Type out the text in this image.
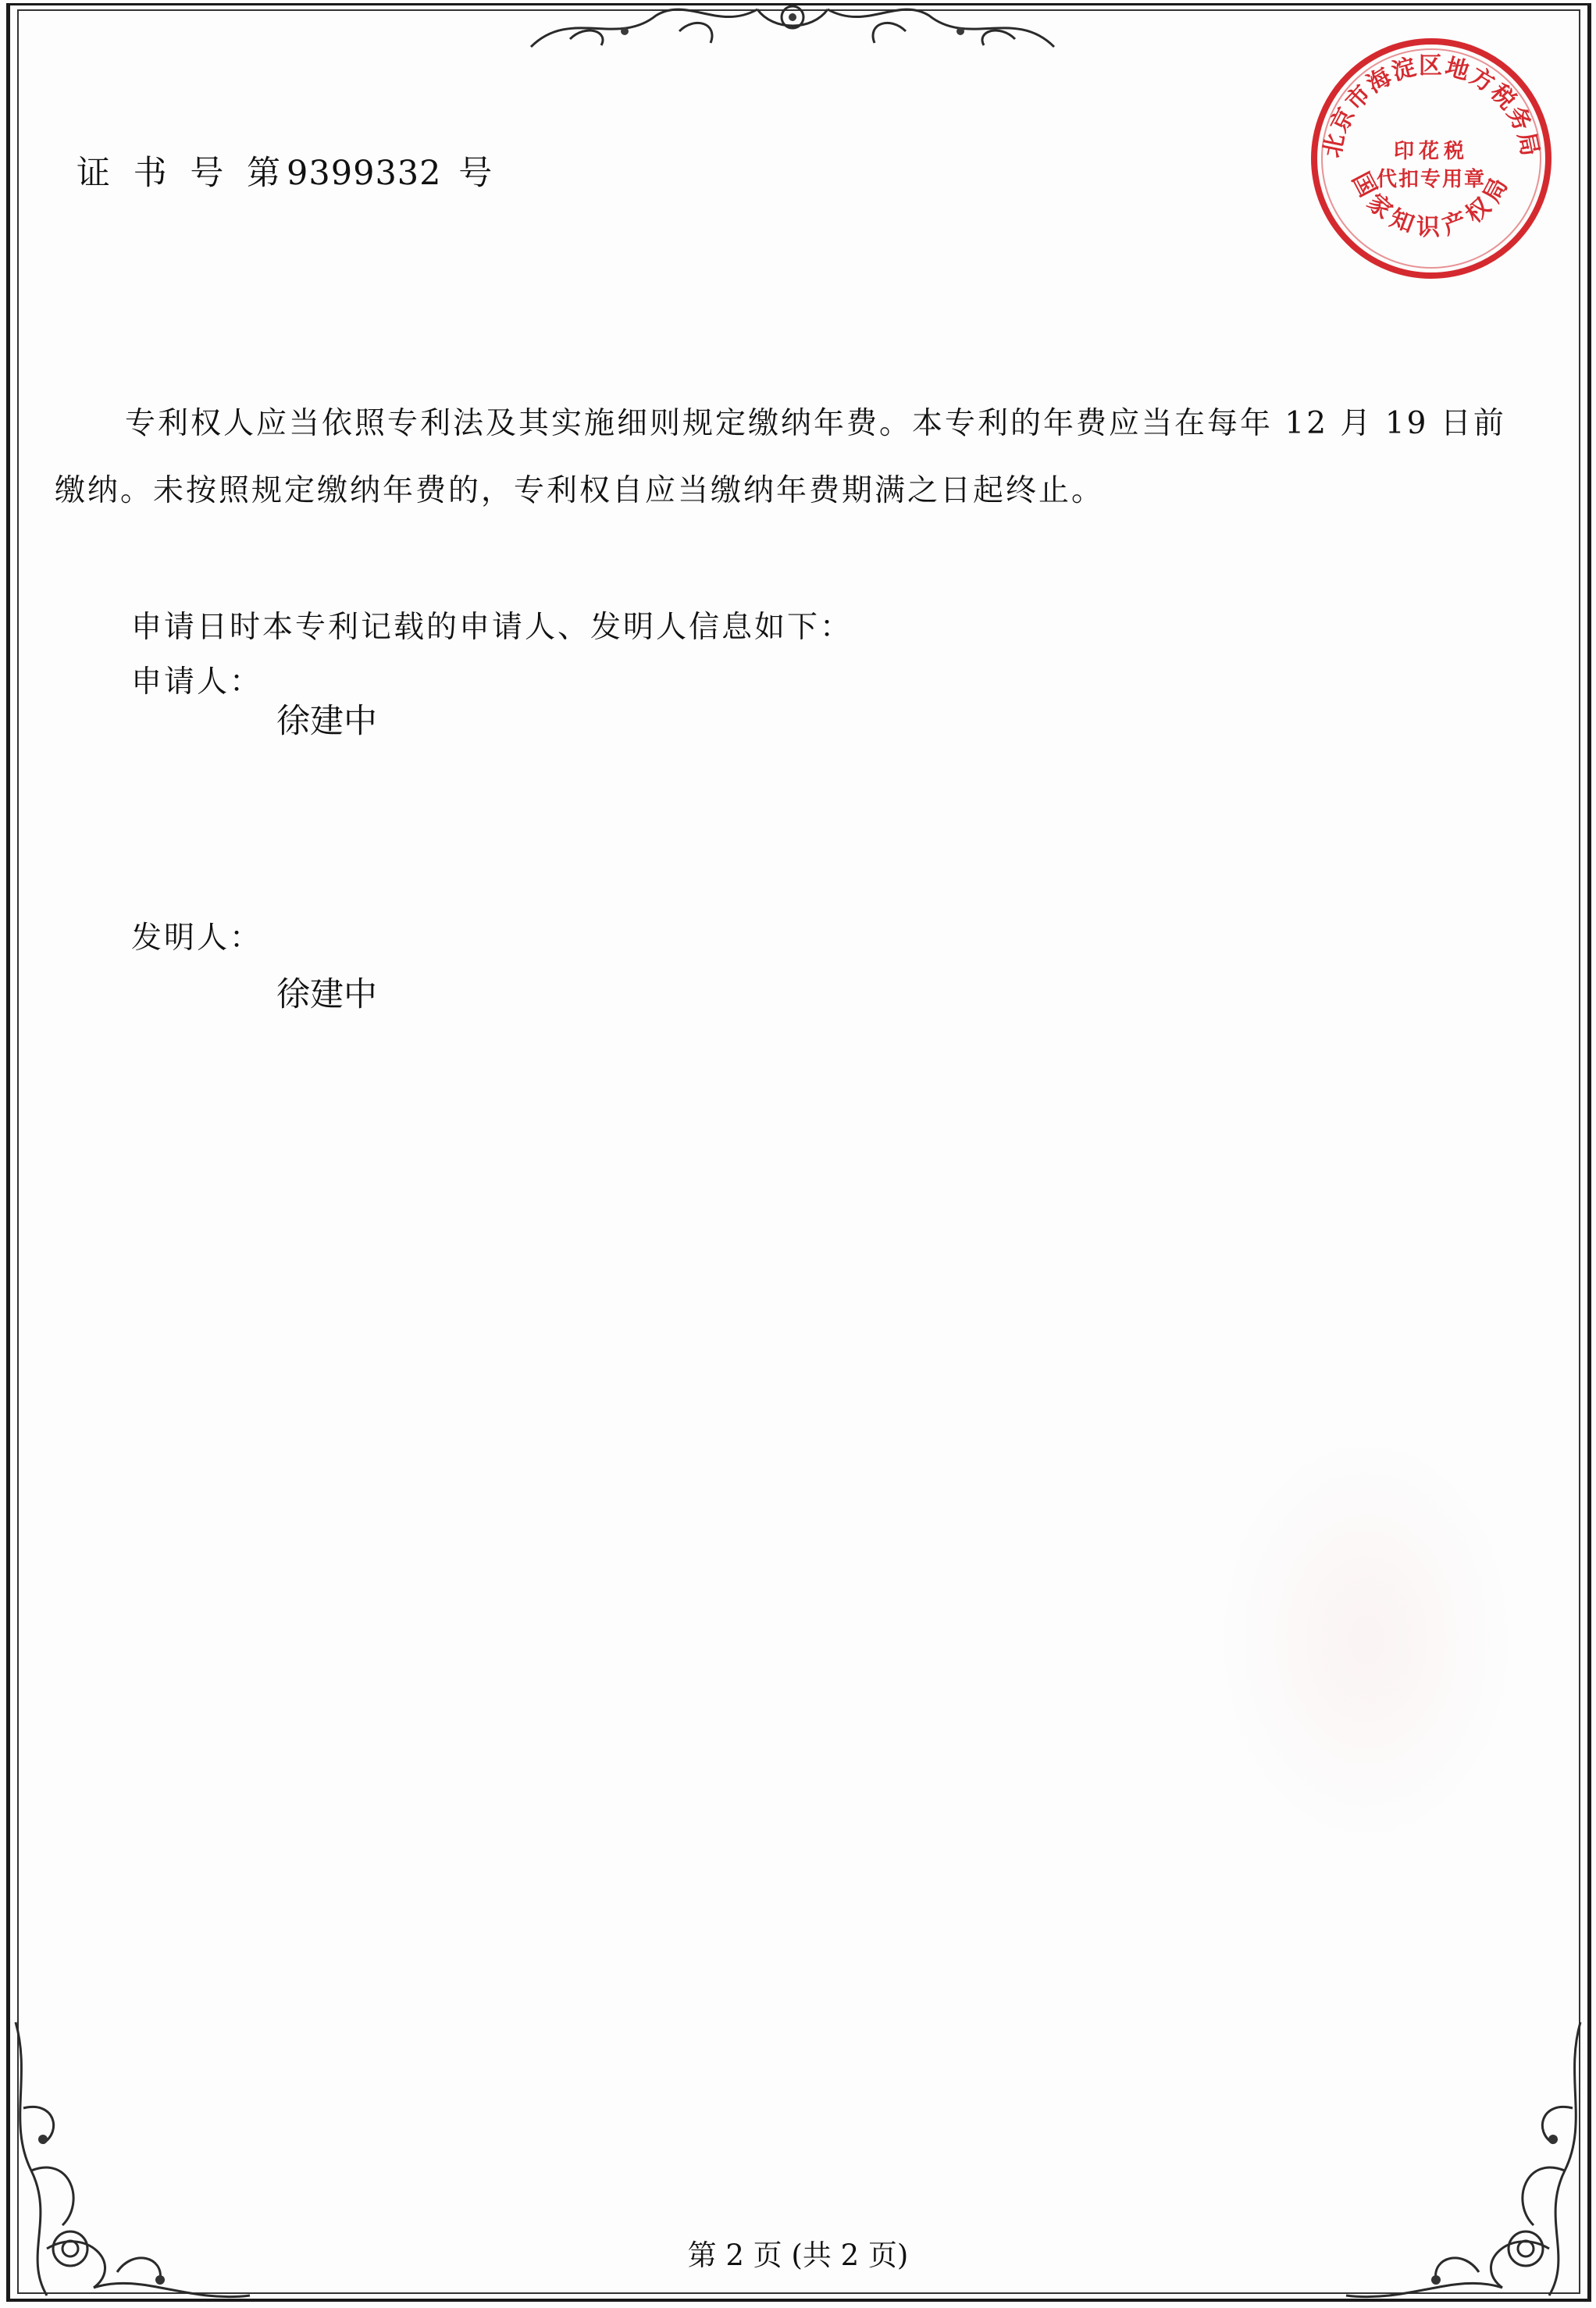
证 书 号 第9399332 号
北京市海淀区地方税务局
印花税
代扣专用章
国家知识产权局
专利权人应当依照专利法及其实施细则规定缴纳年费。本专利的年费应当在每年 12 月 19 日前缴纳。未按照规定缴纳年费的，专利权自应当缴纳年费期满之日起终止。
申请日时本专利记载的申请人、发明人信息如下：
申请人：
徐建中
发明人：
徐建中
第 2 页 (共 2 页)
